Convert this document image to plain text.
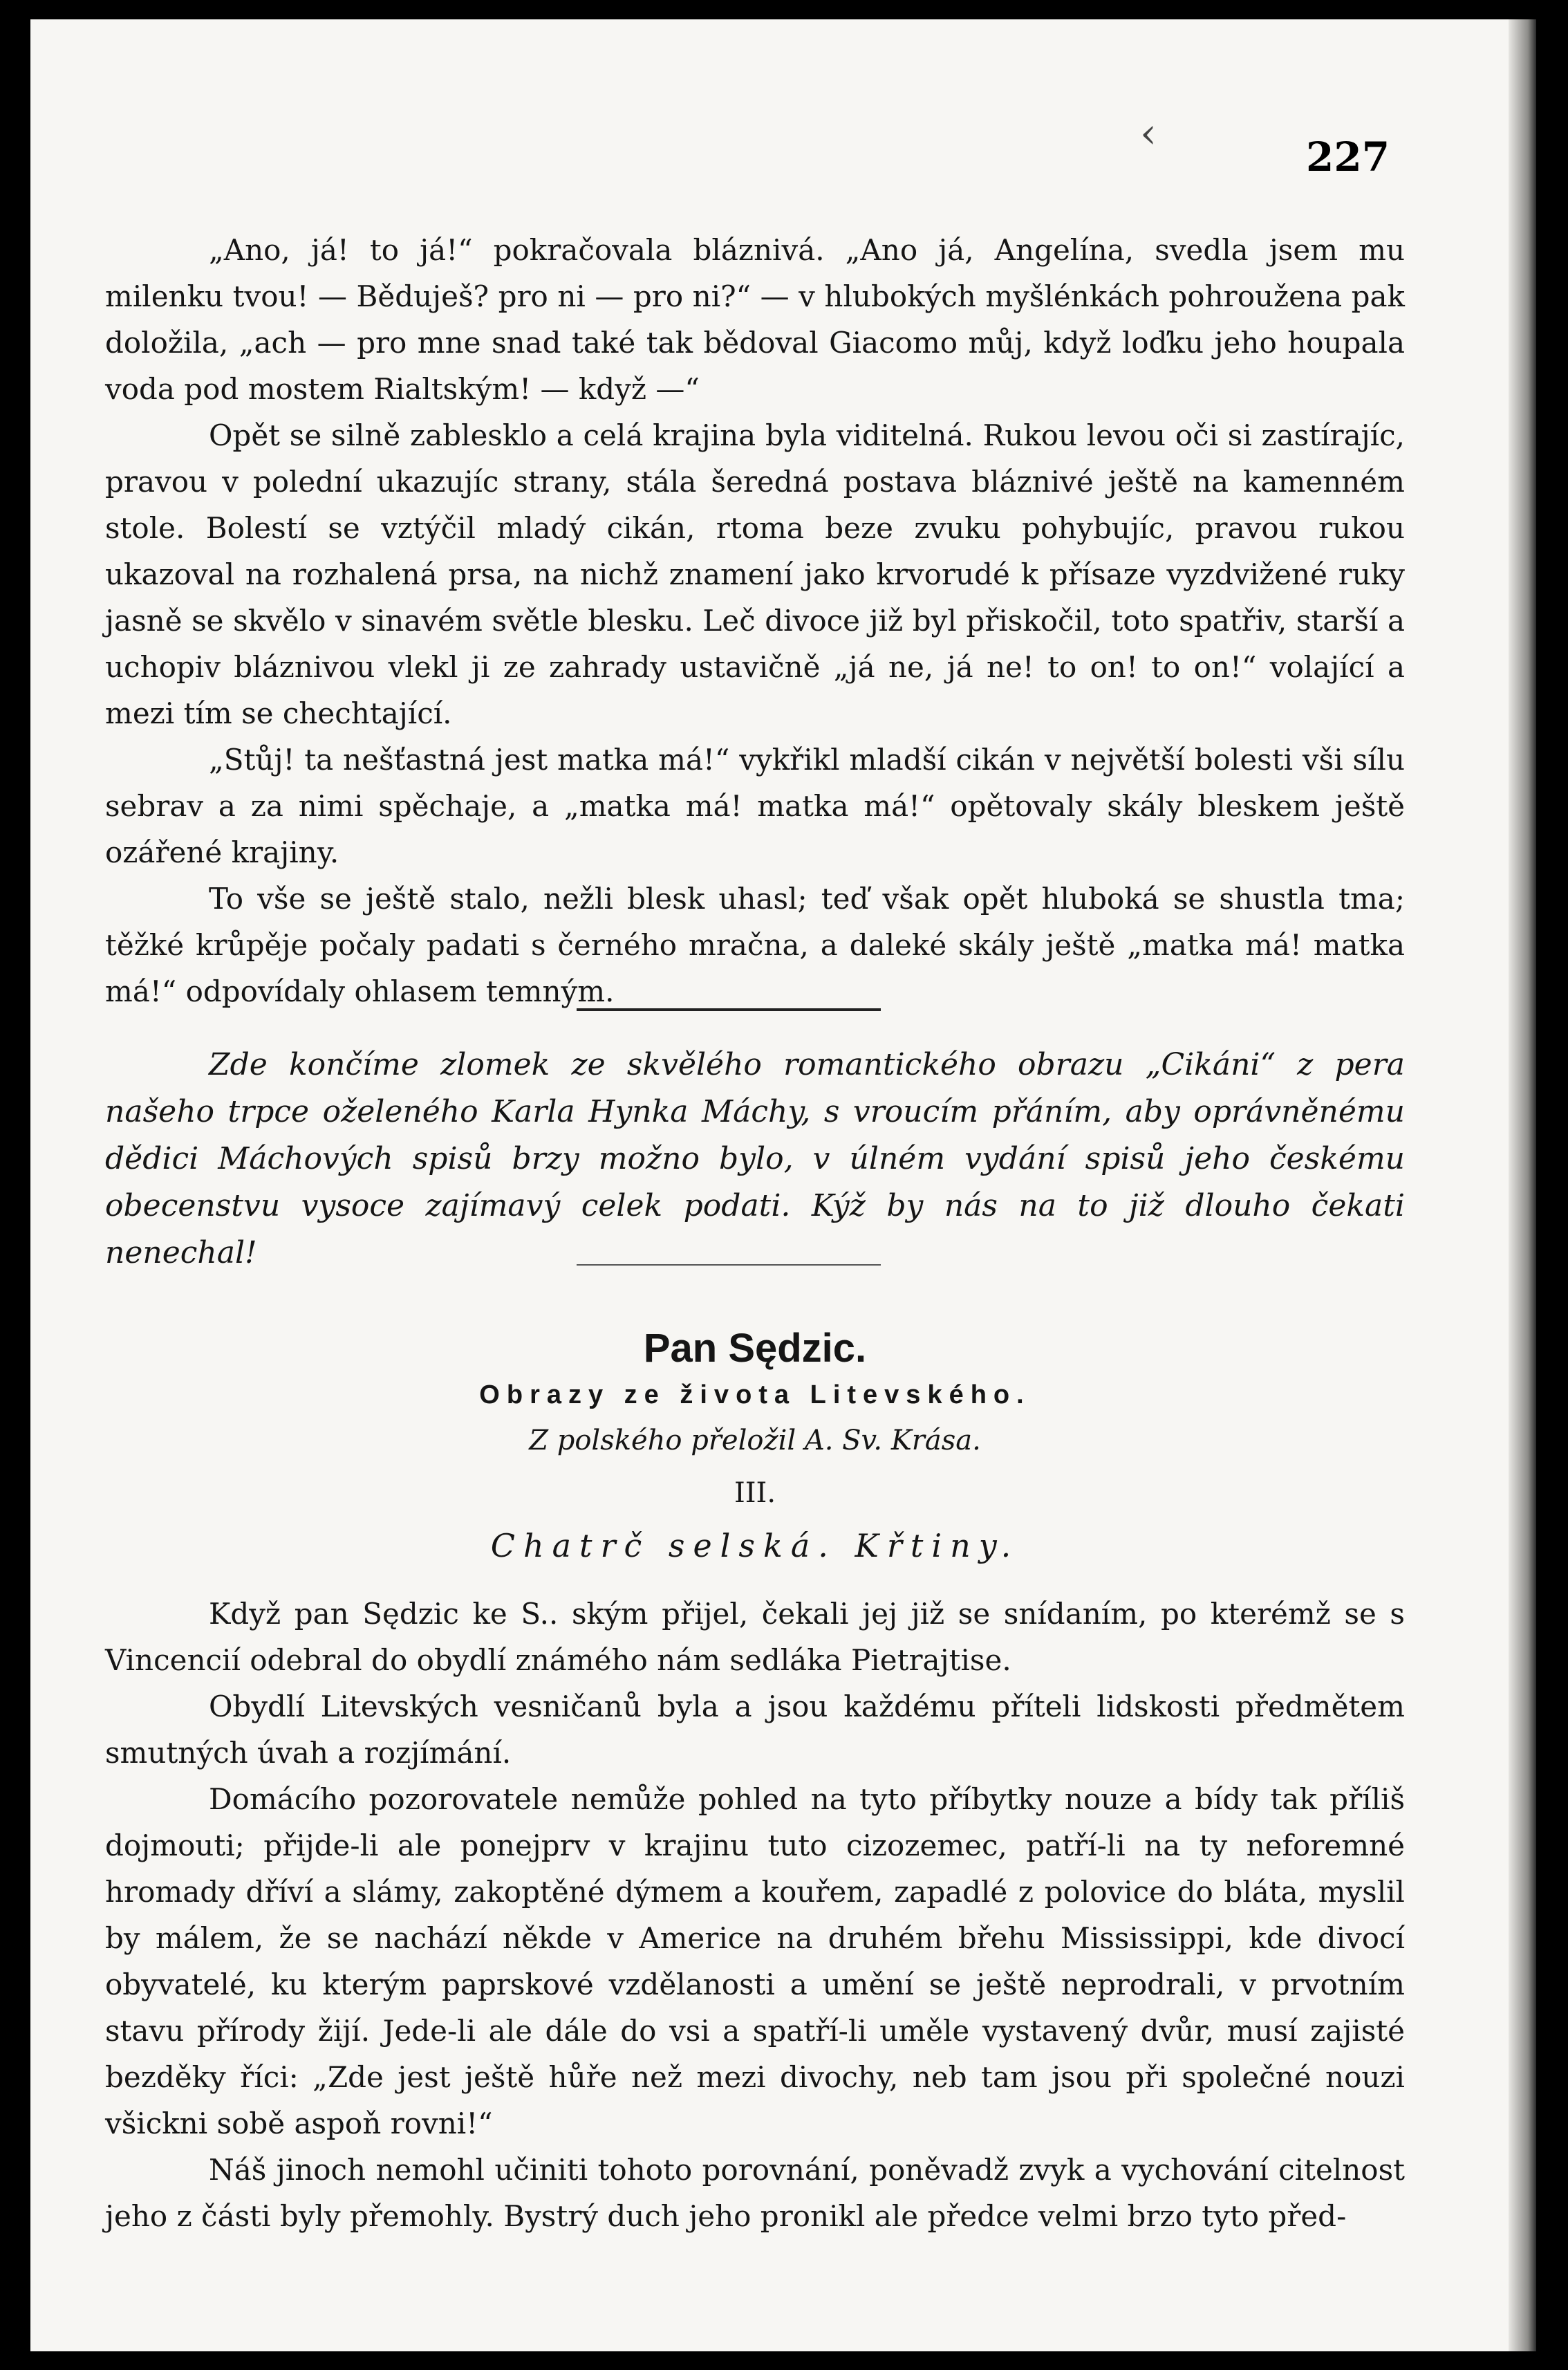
‹	227

„Ano, já! to já!“ pokračovala bláznivá. „Ano já, Angelína, svedla jsem mu milenku tvou! — Běduješ? pro ni — pro ni?“ — v hlubokých myšlénkách pohroužena pak doložila, „ach — pro mne snad také tak bědoval Giacomo můj, když loďku jeho houpala voda pod mostem Rialtským! — když —“

Opět se silně zablesklo a celá krajina byla viditelná. Rukou levou oči si zastírajíc, pravou v polední ukazujíc strany, stála šeredná postava bláznivé ještě na kamenném stole. Bolestí se vztýčil mladý cikán, rtoma beze zvuku pohybujíc, pravou rukou ukazoval na rozhalená prsa, na nichž znamení jako krvorudé k přísaze vyzdvižené ruky jasně se skvělo v sinavém světle blesku. Leč divoce již byl přiskočil, toto spatřiv, starší a uchopiv bláznivou vlekl ji ze zahrady ustavičně „já ne, já ne! to on! to on!“ volající a mezi tím se chechtající.

„Stůj! ta nešťastná jest matka má!“ vykřikl mladší cikán v největší bolesti vši sílu sebrav a za nimi spěchaje, a „matka má! matka má!“ opětovaly skály bleskem ještě ozářené krajiny.

To vše se ještě stalo, nežli blesk uhasl; teď však opět hluboká se shustla tma; těžké krůpěje počaly padati s černého mračna, a daleké skály ještě „matka má! matka má!“ odpovídaly ohlasem temným.

Zde končíme zlomek ze skvělého romantického obrazu „Cikáni“ z pera našeho trpce oželeného Karla Hynka Máchy, s vroucím přáním, aby oprávněnému dědici Máchových spisů brzy možno bylo, v úlném vydání spisů jeho českému obecenstvu vysoce zajímavý celek podati. Kýž by nás na to již dlouho čekati nenechal!

Pan Sędzic.
Obrazy ze života Litevského.
Z polského přeložil A. Sv. Krása.
III.
Chatrč selská. Křtiny.

Když pan Sędzic ke S.. ským přijel, čekali jej již se snídaním, po kterémž se s Vincencií odebral do obydlí známého nám sedláka Pietrajtise.

Obydlí Litevských vesničanů byla a jsou každému příteli lidskosti předmětem smutných úvah a rozjímání.

Domácího pozorovatele nemůže pohled na tyto příbytky nouze a bídy tak příliš dojmouti; přijde-li ale ponejprv v krajinu tuto cizozemec, patří-li na ty neforemné hromady dříví a slámy, zakoptěné dýmem a kouřem, zapadlé z polovice do bláta, myslil by málem, že se nachází někde v Americe na druhém břehu Mississippi, kde divocí obyvatelé, ku kterým paprskové vzdělanosti a umění se ještě neprodrali, v prvotním stavu přírody žijí. Jede-li ale dále do vsi a spatří-li uměle vystavený dvůr, musí zajisté bezděky říci: „Zde jest ještě hůře než mezi divochy, neb tam jsou při společné nouzi všickni sobě aspoň rovni!“

Náš jinoch nemohl učiniti tohoto porovnání, poněvadž zvyk a vychování citelnost jeho z části byly přemohly. Bystrý duch jeho pronikl ale předce velmi brzo tyto před-
